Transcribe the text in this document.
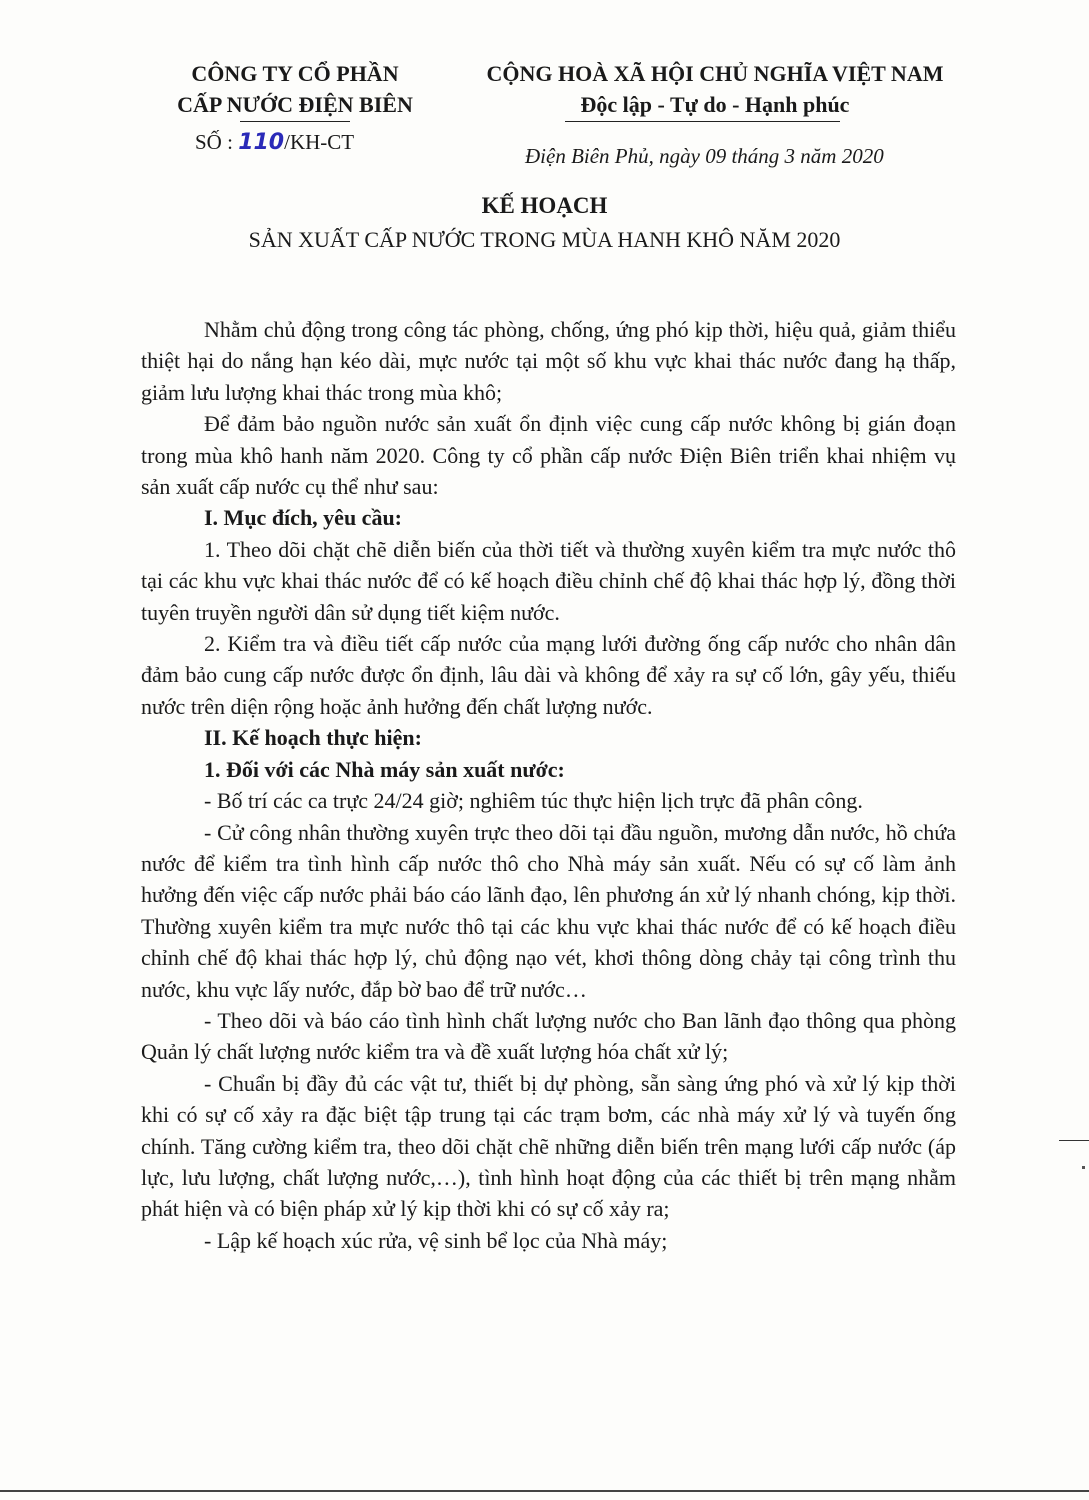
CÔNG TY CỔ PHẦN
CẤP NƯỚC ĐIỆN BIÊN
CỘNG HOÀ XÃ HỘI CHỦ NGHĨA VIỆT NAM
Độc lập - Tự do - Hạnh phúc
SỐ : 110/KH-CT
Điện Biên Phủ, ngày 09 tháng 3 năm 2020
KẾ HOẠCH
SẢN XUẤT CẤP NƯỚC TRONG MÙA HANH KHÔ NĂM 2020

Nhằm chủ động trong công tác phòng, chống, ứng phó kịp thời, hiệu quả, giảm thiểu thiệt hại do nắng hạn kéo dài, mực nước tại một số khu vực khai thác nước đang hạ thấp, giảm lưu lượng khai thác trong mùa khô;

Để đảm bảo nguồn nước sản xuất ổn định việc cung cấp nước không bị gián đoạn trong mùa khô hanh năm 2020. Công ty cổ phần cấp nước Điện Biên triển khai nhiệm vụ sản xuất cấp nước cụ thể như sau:

I. Mục đích, yêu cầu:

1. Theo dõi chặt chẽ diễn biến của thời tiết và thường xuyên kiểm tra mực nước thô tại các khu vực khai thác nước để có kế hoạch điều chỉnh chế độ khai thác hợp lý, đồng thời tuyên truyền người dân sử dụng tiết kiệm nước.

2. Kiểm tra và điều tiết cấp nước của mạng lưới đường ống cấp nước cho nhân dân đảm bảo cung cấp nước được ổn định, lâu dài và không để xảy ra sự cố lớn, gây yếu, thiếu nước trên diện rộng hoặc ảnh hưởng đến chất lượng nước.

II. Kế hoạch thực hiện:

1. Đối với các Nhà máy sản xuất nước:

- Bố trí các ca trực 24/24 giờ; nghiêm túc thực hiện lịch trực đã phân công.

- Cử công nhân thường xuyên trực theo dõi tại đầu nguồn, mương dẫn nước, hồ chứa nước để kiểm tra tình hình cấp nước thô cho Nhà máy sản xuất. Nếu có sự cố làm ảnh hưởng đến việc cấp nước phải báo cáo lãnh đạo, lên phương án xử lý nhanh chóng, kịp thời. Thường xuyên kiểm tra mực nước thô tại các khu vực khai thác nước để có kế hoạch điều chỉnh chế độ khai thác hợp lý, chủ động nạo vét, khơi thông dòng chảy tại công trình thu nước, khu vực lấy nước, đắp bờ bao để trữ nước…

- Theo dõi và báo cáo tình hình chất lượng nước cho Ban lãnh đạo thông qua phòng Quản lý chất lượng nước kiểm tra và đề xuất lượng hóa chất xử lý;

- Chuẩn bị đầy đủ các vật tư, thiết bị dự phòng, sẵn sàng ứng phó và xử lý kịp thời khi có sự cố xảy ra đặc biệt tập trung tại các trạm bơm, các nhà máy xử lý và tuyến ống chính. Tăng cường kiểm tra, theo dõi chặt chẽ những diễn biến trên mạng lưới cấp nước (áp lực, lưu lượng, chất lượng nước,…), tình hình hoạt động của các thiết bị trên mạng nhằm phát hiện và có biện pháp xử lý kịp thời khi có sự cố xảy ra;

- Lập kế hoạch xúc rửa, vệ sinh bể lọc của Nhà máy;
